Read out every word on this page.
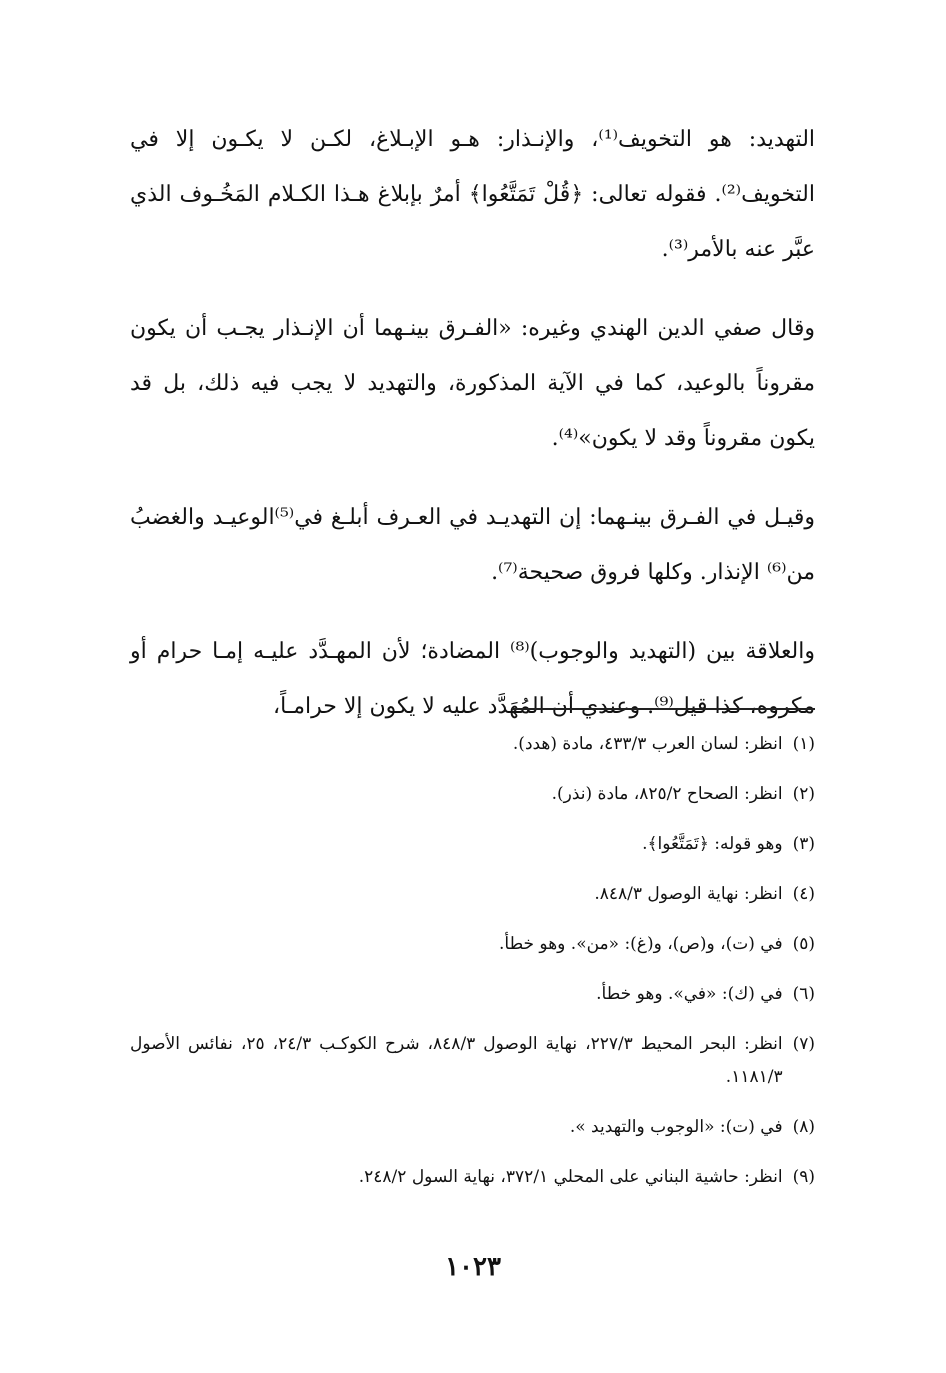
التهديد: هو التخويف⁽¹⁾، والإنـذار: هـو الإبـلاغ، لكـن لا يكـون إلا في التخويف⁽²⁾. فقوله تعالى: ﴿قُلْ تَمَتَّعُوا﴾ أمرٌ بإبلاغ هـذا الكـلام المَخُـوف الذي عبَّر عنه بالأمر⁽³⁾.

وقال صفي الدين الهندي وغيره: «الفـرق بينـهما أن الإنـذار يجـب أن يكون مقروناً بالوعيد، كما في الآية المذكورة، والتهديد لا يجب فيه ذلك، بل قد يكون مقروناً وقد لا يكون»⁽⁴⁾.

وقيـل في الفـرق بينـهما: إن التهديـد في العـرف أبلـغ في⁽⁵⁾الوعيـد والغضبُ من⁽⁶⁾ الإنذار. وكلها فروق صحيحة⁽⁷⁾.

والعلاقة بين (التهديد والوجوب)⁽⁸⁾ المضادة؛ لأن المهـدَّد عليـه إمـا حرام أو مكروه، كذا قيل⁽⁹⁾. وعندي أن المُهَدَّد عليه لا يكون إلا حرامـاً،

(١)
انظر: لسان العرب ٤٣٣/٣، مادة (هدد).
(٢)
انظر: الصحاح ٨٢٥/٢، مادة (نذر).
(٣)
وهو قوله: ﴿تَمَتَّعُوا﴾.
(٤)
انظر: نهاية الوصول ٨٤٨/٣.
(٥)
في (ت)، و(ص)، و(غ): «من». وهو خطأ.
(٦)
في (ك): «في». وهو خطأ.
(٧)
انظر: البحر المحيط ٢٢٧/٣، نهاية الوصول ٨٤٨/٣، شرح الكوكـب ٢٤/٣، ٢٥، نفائس الأصول ١١٨١/٣.
(٨)
في (ت): «الوجوب والتهديد ».
(٩)
انظر: حاشية البناني على المحلي ٣٧٢/١، نهاية السول ٢٤٨/٢.
١٠٢٣
